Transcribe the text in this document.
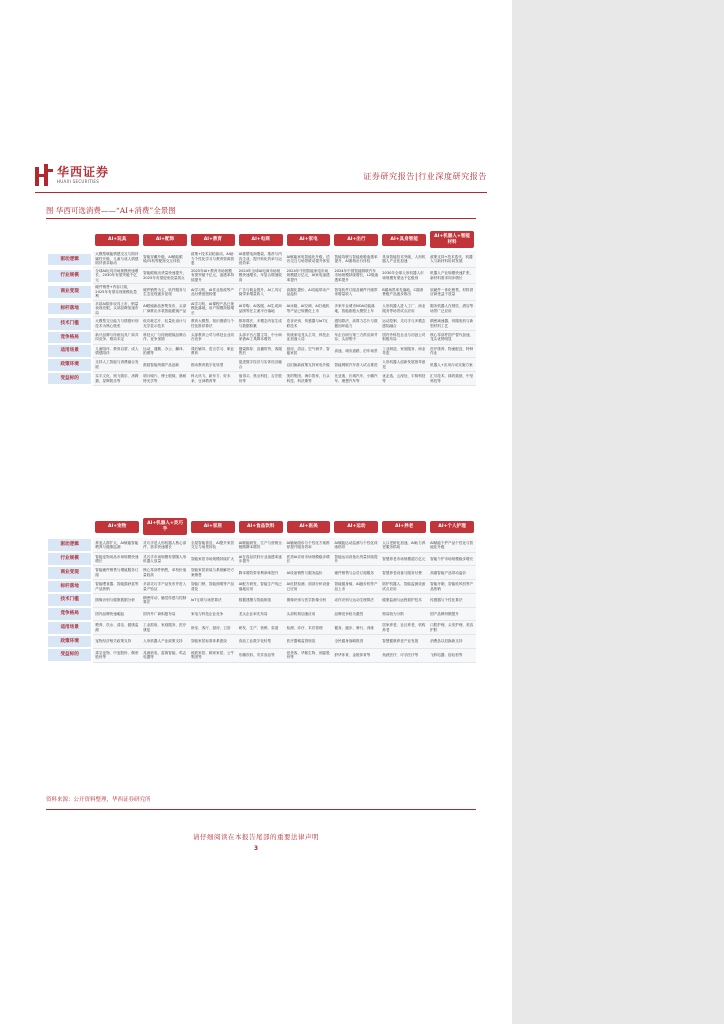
华西证券
HUAXI SECURITIES
证券研究报告|行业深度研究报告
图 华西可选消费——“AI+消费”全景图

	AI+玩具	AI+配饰	AI+教育	AI+电商	AI+家电	AI+出行	AI+具身智能	AI+机器人+智能材料

驱动逻辑	大模型赋能情感交互与陪伴属性升级，儿童与成人情感陪伴需求驱动	智能穿戴升级，AI赋能眼镜/耳机等配饰交互体验	政策+技术双轮驱动，AI助力个性化学习与教育资源普惠	AI重塑电商搜索、推荐与内容生成，提升转化效率与运营效率	AI赋能家电智能化升级，语音交互与场景联动提升体验	智能驾驶与智能座舱渗透率提升，AI重构出行体验	具身智能技术突破，人形机器人产业化加速	政策支持+技术迭代，机器人与新材料协同发展

行业规模	全球AI玩具市场规模快速增长，2030年有望突破千亿元	智能眼镜出货量快速提升，2025年有望迎来放量拐点	2025年AI+教育市场规模有望突破千亿元，渗透率持续提升	2024年全球AI电商市场规模快速增长，年复合增速较高	2024年中国智能家电市场规模超万亿元，AI家电渗透率提升	2024年中国智能网联汽车市场规模持续增长，L2级渗透率提升	2030年全球人形机器人市场规模有望达千亿级别	机器人产业规模快速扩张，新材料需求同步增长

商业变现	硬件销售+内容订阅，2025年有望实现规模化盈利	硬件销售为主，软件服务与生态变现逐步显现	AI学习机、AI作业批改等产品付费意愿较强	广告与佣金提升，AI工具订阅带来增量收入	高端化提价，AI功能带动产品溢价	智驾软件订阅及硬件升级带来增量收入	B端场景率先落地，C端消费级产品逐步推出	软硬件一体化销售，材料供应商受益于放量

标杆落地	多款AI陪伴玩具上市，销量表现亮眼，头部品牌加速布局	AI眼镜新品密集发布，头部厂商推出多款智能眼镜产品	AI学习机、AI课程产品已规模化落地，用户规模持续增长	AI导购、AI客服、AI生成商品图等在主流平台落地	AI冰箱、AI空调、AI扫地机等产品已规模化上市	多家车企城市NOA功能落地，智能座舱大模型上车	人形机器人进入工厂、商业服务等场景试点应用	服务机器人在餐饮、酒店等场景广泛应用

技术门槛	大模型交互能力与情感识别技术为核心壁垒	低功耗芯片、轻量化设计与光学显示技术	教育大模型、知识图谱与个性化推荐算法	推荐算法、多模态内容生成与数据积累	语音识别、传感器与IoT互联技术	感知算法、高算力芯片与数据闭环能力	运动控制、灵巧手与多模态感知融合	精密减速器、伺服电机与新型材料工艺

竞争格局	新兴品牌与传统玩具厂商共同竞争，格局未定	科技大厂与传统眼镜品牌合作，竞争加剧	头部教育公司与科技企业同台竞争	头部平台占据主导，中小商家借AI工具降本增效	传统家电龙头主导，科技企业加速入局	车企自研与第三方供应商并存，头部集中	国内外科技企业与初创公司积极布局	核心零部件国产替代加速，龙头优势明显

适用场景	儿童陪伴、教育启蒙、成人情感陪伴	运动、通勤、办公、翻译、拍照等	课后辅导、语言学习、职业教育	搜索推荐、直播带货、客服售后	厨房、清洁、空气调节、智能家居	高速、城市道路、泊车场景	工业制造、家庭服务、商业导览	医疗康养、物流配送、特种作业

政策环境	支持人工智能与消费融合发展	鼓励智能终端产品创新	推动教育数字化转型	促进数字经济与实体经济融合	以旧换新政策支持家电升级	智能网联汽车准入试点推进	人形机器人创新发展指导意见	机器人+应用行动实施方案

受益标的	实丰文化、奥飞娱乐、汤姆猫、星辉娱乐等	明月镜片、博士眼镜、康耐特光学等	科大讯飞、新东方、好未来、豆神教育等	值得买、焦点科技、吉宏股份等	美的集团、海尔智家、石头科技、科沃斯等	比亚迪、长城汽车、小鹏汽车、理想汽车等	优必选、云深处、宇树科技等	汇川技术、绿的谐波、中坚科技等

	AI+宠物	AI+机器人+灵巧手	AI+家居	AI+食品饮料	AI+医美	AI+运动	AI+养老	AI+个人护理

驱动逻辑	养宠人群扩大，AI赋能智能喂养与健康监测	灵巧手是人形机器人核心部件，需求快速增长	全屋智能普及，AI提升家居交互与场景体验	AI赋能研发、生产与营销全链路降本增效	AI辅助面诊与个性化方案推荐提升服务效率	AI赋能运动监测与个性化训练指导	人口老龄化加速，AI助力养老服务供给	AI赋能个护产品个性化与智能化升级

行业规模	智能宠物用品市场规模快速增长	灵巧手市场规模有望随人形机器人放量	智能家居市场规模持续扩大	AI在食品饮料行业渗透率逐步提升	医美AI应用市场规模稳步增长	智能运动设备出货量持续提升	智慧养老市场规模超万亿元	智能个护市场规模稳步增长

商业变现	智能硬件销售与增值服务订阅	核心零部件销售，单机价值量较高	智能家居套装与系统解决方案销售	降本增效带来利润率提升	AI设备销售与服务溢价	硬件销售与会员订阅服务	智慧养老设备与服务付费	高端智能产品带动溢价

标杆落地	智能喂食器、智能猫砂盆等产品热销	多款灵巧手产品发布并进入量产验证	智能门锁、智能照明等产品普及	AI配方研发、智能生产线已落地应用	AI皮肤检测、面部分析设备已应用	智能健身镜、AI跑步机等产品上市	陪护机器人、智能监测设备试点应用	智能牙刷、智能吹风机等产品热销

技术门槛	图像识别与健康数据分析	精密传动、触觉传感与控制算法	IoT互联与场景算法	数据建模与智能制造	图像识别与医学影像分析	动作识别与运动生理算法	健康监测与远程看护技术	传感器与个性化算法

竞争格局	国内品牌快速崛起	国内外厂商积极布局	家电与科技企业竞争	龙头企业率先布局	头部机构加速应用	品牌竞争较为激烈	格局较为分散	国产品牌份额提升

适用场景	喂养、饮水、清洁、健康监测	工业抓取、家庭服务、医疗康复	卧室、客厅、厨房、卫浴	研发、生产、营销、渠道	检测、诊疗、术后管理	健身、跑步、骑行、训练	居家养老、社区养老、机构养老	口腔护理、头发护理、美容护肤

政策环境	宠物经济相关政策支持	人形机器人产业政策支持	智能家居标准体系建设	食品工业数字化转型	医疗器械监管规范	全民健身战略推进	智慧健康养老产业发展	消费品以旧换新支持

受益标的	乖宝宠物、中宠股份、佩蒂股份等	兆威机电、雷赛智能、鸣志电器等	欧派家居、顾家家居、公牛集团等	东鹏饮料、安井食品等	爱美客、华熙生物、朗姿股份等	舒华体育、金陵体育等	鱼跃医疗、可孚医疗等	飞科电器、倍轻松等
资料来源：公开资料整理，华西证券研究所
请仔细阅读在本报告尾部的重要法律声明
3
